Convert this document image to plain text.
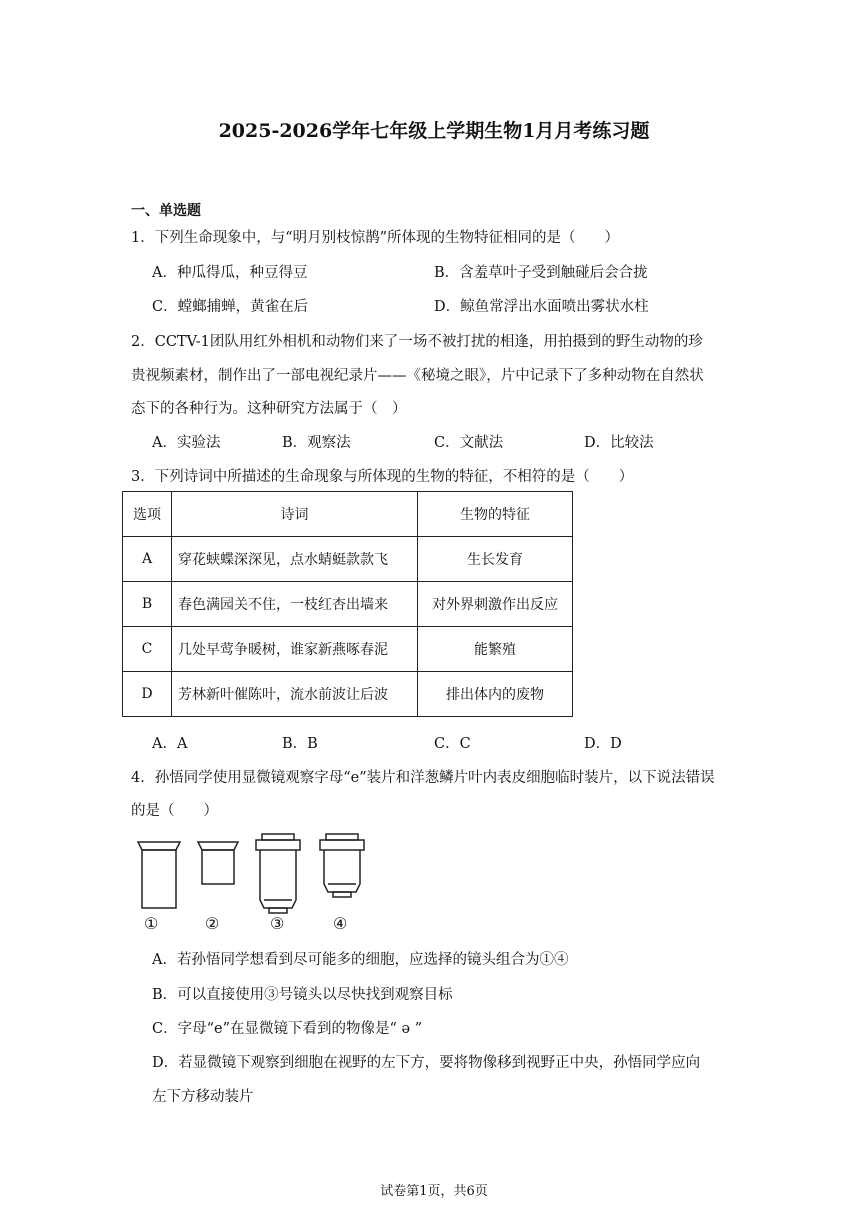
2025-2026学年七年级上学期生物1月月考练习题
一、单选题
1．下列生命现象中，与“明月别枝惊鹊”所体现的生物特征相同的是（　　）
A．种瓜得瓜，种豆得豆	B．含羞草叶子受到触碰后会合拢
C．螳螂捕蝉，黄雀在后	D．鲸鱼常浮出水面喷出雾状水柱
2．CCTV-1团队用红外相机和动物们来了一场不被打扰的相逢，用拍摄到的野生动物的珍
贵视频素材，制作出了一部电视纪录片——《秘境之眼》，片中记录下了多种动物在自然状
态下的各种行为。这种研究方法属于（　）
A．实验法	B．观察法	C．文献法	D．比较法
3．下列诗词中所描述的生命现象与所体现的生物的特征，不相符的是（　　）
选项	诗词	生物的特征
A	穿花蛱蝶深深见，点水蜻蜓款款飞	生长发育
B	春色满园关不住，一枝红杏出墙来	对外界刺激作出反应
C	几处早莺争暖树，谁家新燕啄春泥	能繁殖
D	芳林新叶催陈叶，流水前波让后波	排出体内的废物
A．A	B．B	C．C	D．D
4．孙悟同学使用显微镜观察字母“e”装片和洋葱鳞片叶内表皮细胞临时装片，以下说法错误
的是（　　）
①	②	③	④
A．若孙悟同学想看到尽可能多的细胞，应选择的镜头组合为①④
B．可以直接使用③号镜头以尽快找到观察目标
C．字母“e”在显微镜下看到的物像是“ ə ”
D．若显微镜下观察到细胞在视野的左下方，要将物像移到视野正中央，孙悟同学应向
左下方移动装片
试卷第1页，共6页
